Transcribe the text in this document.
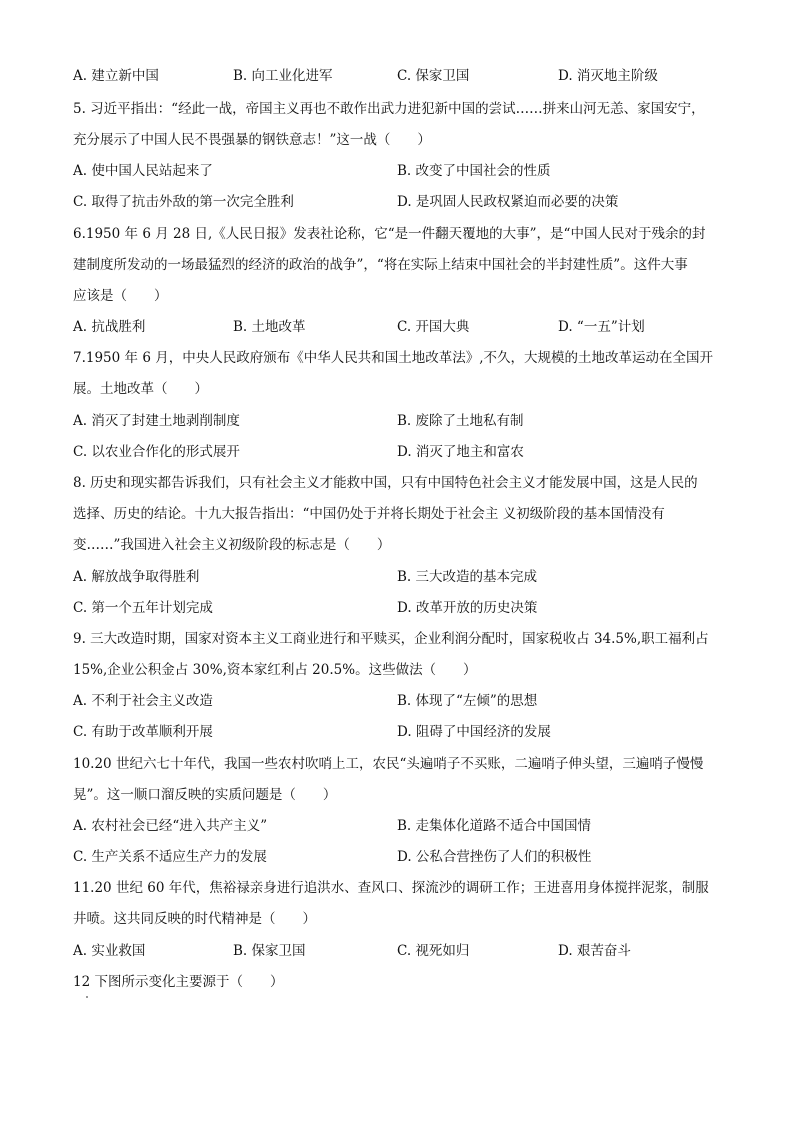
A. 建立新中国	B. 向工业化进军	C. 保家卫国	D. 消灭地主阶级
5. 习近平指出：“经此一战，帝国主义再也不敢作出武力进犯新中国的尝试……拼来山河无恙、家国安宁，
充分展示了中国人民不畏强暴的钢铁意志！”这一战（　　）
A. 使中国人民站起来了	B. 改变了中国社会的性质
C. 取得了抗击外敌的第一次完全胜利	D. 是巩固人民政权紧迫而必要的决策
6.1950 年 6 月 28 日,《人民日报》发表社论称，它“是一件翻天覆地的大事”，是“中国人民对于残余的封
建制度所发动的一场最猛烈的经济的政治的战争”，“将在实际上结束中国社会的半封建性质”。这件大事
应该是（　　）
A. 抗战胜利	B. 土地改革	C. 开国大典	D. “一五”计划
7.1950 年 6 月，中央人民政府颁布《中华人民共和国土地改革法》,不久，大规模的土地改革运动在全国开
展。土地改革（　　）
A. 消灭了封建土地剥削制度	B. 废除了土地私有制
C. 以农业合作化的形式展开	D. 消灭了地主和富农
8. 历史和现实都告诉我们，只有社会主义才能救中国，只有中国特色社会主义才能发展中国，这是人民的
选择、历史的结论。十九大报告指出：“中国仍处于并将长期处于社会主 义初级阶段的基本国情没有
变……”我国进入社会主义初级阶段的标志是（　　）
A. 解放战争取得胜利	B. 三大改造的基本完成
C. 第一个五年计划完成	D. 改革开放的历史决策
9. 三大改造时期，国家对资本主义工商业进行和平赎买，企业利润分配时，国家税收占 34.5%,职工福利占
15%,企业公积金占 30%,资本家红利占 20.5%。这些做法（　　）
A. 不利于社会主义改造	B. 体现了“左倾”的思想
C. 有助于改革顺利开展	D. 阻碍了中国经济的发展
10.20 世纪六七十年代，我国一些农村吹哨上工，农民“头遍哨子不买账，二遍哨子伸头望，三遍哨子慢慢
晃”。这一顺口溜反映的实质问题是（　　）
A. 农村社会已经“进入共产主义”	B. 走集体化道路不适合中国国情
C. 生产关系不适应生产力的发展	D. 公私合营挫伤了人们的积极性
11.20 世纪 60 年代，焦裕禄亲身进行追洪水、查风口、探流沙的调研工作；王进喜用身体搅拌泥浆，制服
井喷。这共同反映的时代精神是（　　）
A. 实业救国	B. 保家卫国	C. 视死如归	D. 艰苦奋斗
12 下图所示变化主要源于（　　）
